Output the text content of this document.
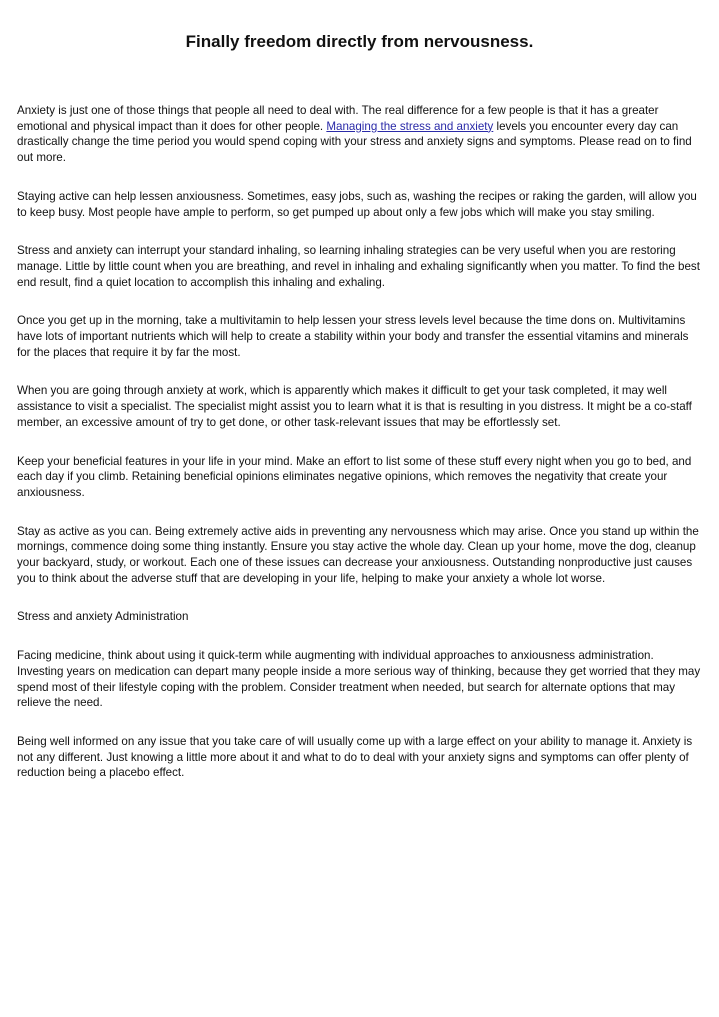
Finally freedom directly from nervousness.

Anxiety is just one of those things that people all need to deal with. The real difference for a few people is that it has a greater emotional and physical impact than it does for other people. Managing the stress and anxiety levels you encounter every day can drastically change the time period you would spend coping with your stress and anxiety signs and symptoms. Please read on to find out more.

Staying active can help lessen anxiousness. Sometimes, easy jobs, such as, washing the recipes or raking the garden, will allow you to keep busy. Most people have ample to perform, so get pumped up about only a few jobs which will make you stay smiling.

Stress and anxiety can interrupt your standard inhaling, so learning inhaling strategies can be very useful when you are restoring manage. Little by little count when you are breathing, and revel in inhaling and exhaling significantly when you matter. To find the best end result, find a quiet location to accomplish this inhaling and exhaling.

Once you get up in the morning, take a multivitamin to help lessen your stress levels level because the time dons on. Multivitamins have lots of important nutrients which will help to create a stability within your body and transfer the essential vitamins and minerals for the places that require it by far the most.

When you are going through anxiety at work, which is apparently which makes it difficult to get your task completed, it may well assistance to visit a specialist. The specialist might assist you to learn what it is that is resulting in you distress. It might be a co-staff member, an excessive amount of try to get done, or other task-relevant issues that may be effortlessly set.

Keep your beneficial features in your life in your mind. Make an effort to list some of these stuff every night when you go to bed, and each day if you climb. Retaining beneficial opinions eliminates negative opinions, which removes the negativity that create your anxiousness.

Stay as active as you can. Being extremely active aids in preventing any nervousness which may arise. Once you stand up within the mornings, commence doing some thing instantly. Ensure you stay active the whole day. Clean up your home, move the dog, cleanup your backyard, study, or workout. Each one of these issues can decrease your anxiousness. Outstanding nonproductive just causes you to think about the adverse stuff that are developing in your life, helping to make your anxiety a whole lot worse.

Stress and anxiety Administration

Facing medicine, think about using it quick-term while augmenting with individual approaches to anxiousness administration. Investing years on medication can depart many people inside a more serious way of thinking, because they get worried that they may spend most of their lifestyle coping with the problem. Consider treatment when needed, but search for alternate options that may relieve the need.

Being well informed on any issue that you take care of will usually come up with a large effect on your ability to manage it. Anxiety is not any different. Just knowing a little more about it and what to do to deal with your anxiety signs and symptoms can offer plenty of reduction being a placebo effect.
